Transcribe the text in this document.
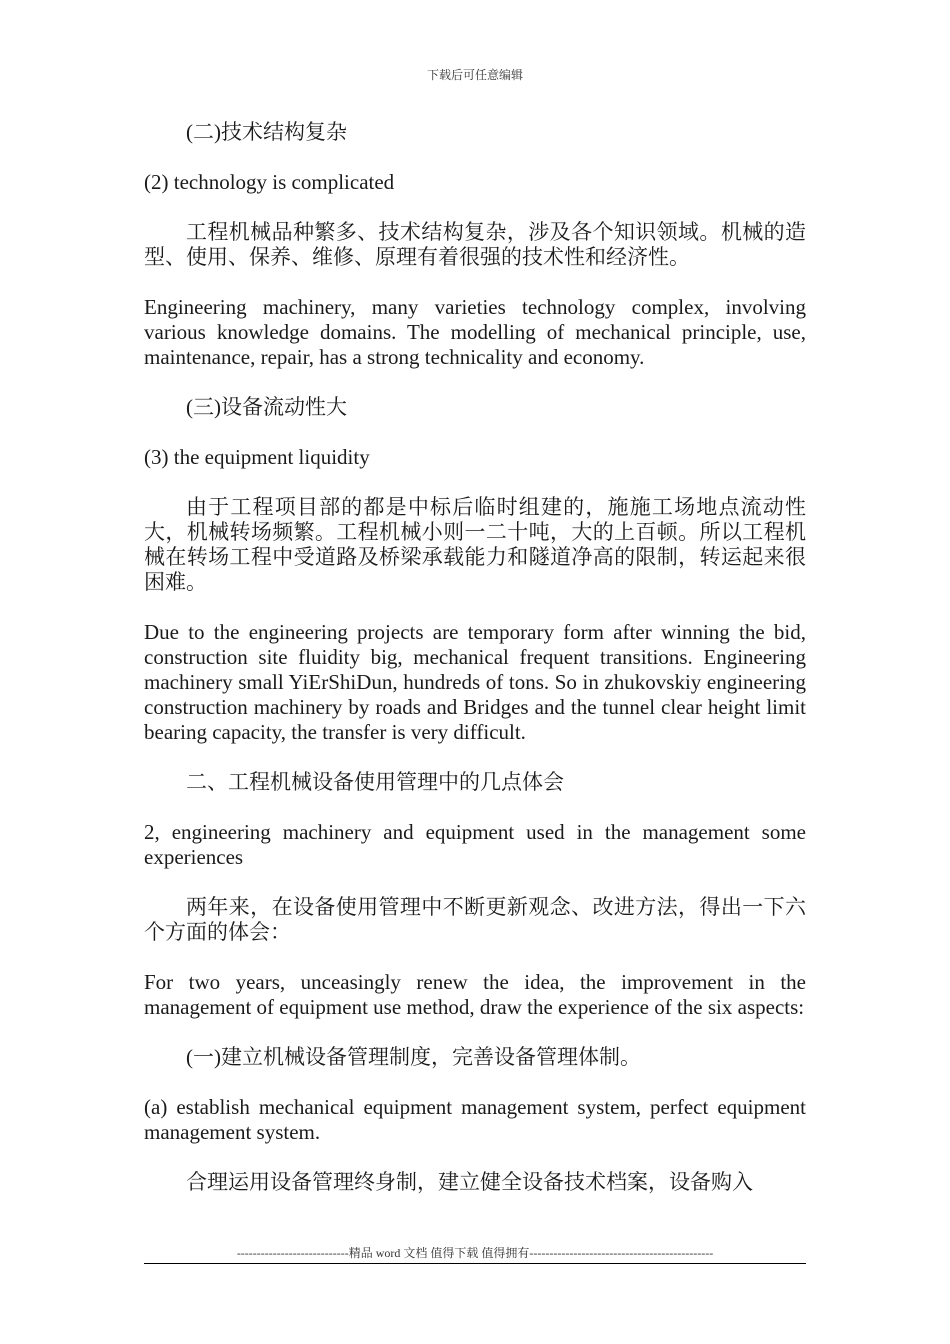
下载后可任意编辑

(二)技术结构复杂

(2) technology is complicated

工程机械品种繁多、技术结构复杂，涉及各个知识领域。机械的造型、使用、保养、维修、原理有着很强的技术性和经济性。

Engineering machinery, many varieties technology complex, involving various knowledge domains. The modelling of mechanical principle, use, maintenance, repair, has a strong technicality and economy.

(三)设备流动性大

(3) the equipment liquidity

由于工程项目部的都是中标后临时组建的，施施工场地点流动性大，机械转场频繁。工程机械小则一二十吨，大的上百顿。所以工程机械在转场工程中受道路及桥梁承载能力和隧道净高的限制，转运起来很困难。

Due to the engineering projects are temporary form after winning the bid, construction site fluidity big, mechanical frequent transitions. Engineering machinery small YiErShiDun, hundreds of tons. So in zhukovskiy engineering construction machinery by roads and Bridges and the tunnel clear height limit bearing capacity, the transfer is very difficult.

二、工程机械设备使用管理中的几点体会

2, engineering machinery and equipment used in the management some experiences

两年来，在设备使用管理中不断更新观念、改进方法，得出一下六个方面的体会：

For two years, unceasingly renew the idea, the improvement in the management of equipment use method, draw the experience of the six aspects:

(一)建立机械设备管理制度，完善设备管理体制。

(a) establish mechanical equipment management system, perfect equipment management system.

合理运用设备管理终身制，建立健全设备技术档案，设备购入

----------------------------精品 word 文档 值得下载 值得拥有----------------------------------------------
